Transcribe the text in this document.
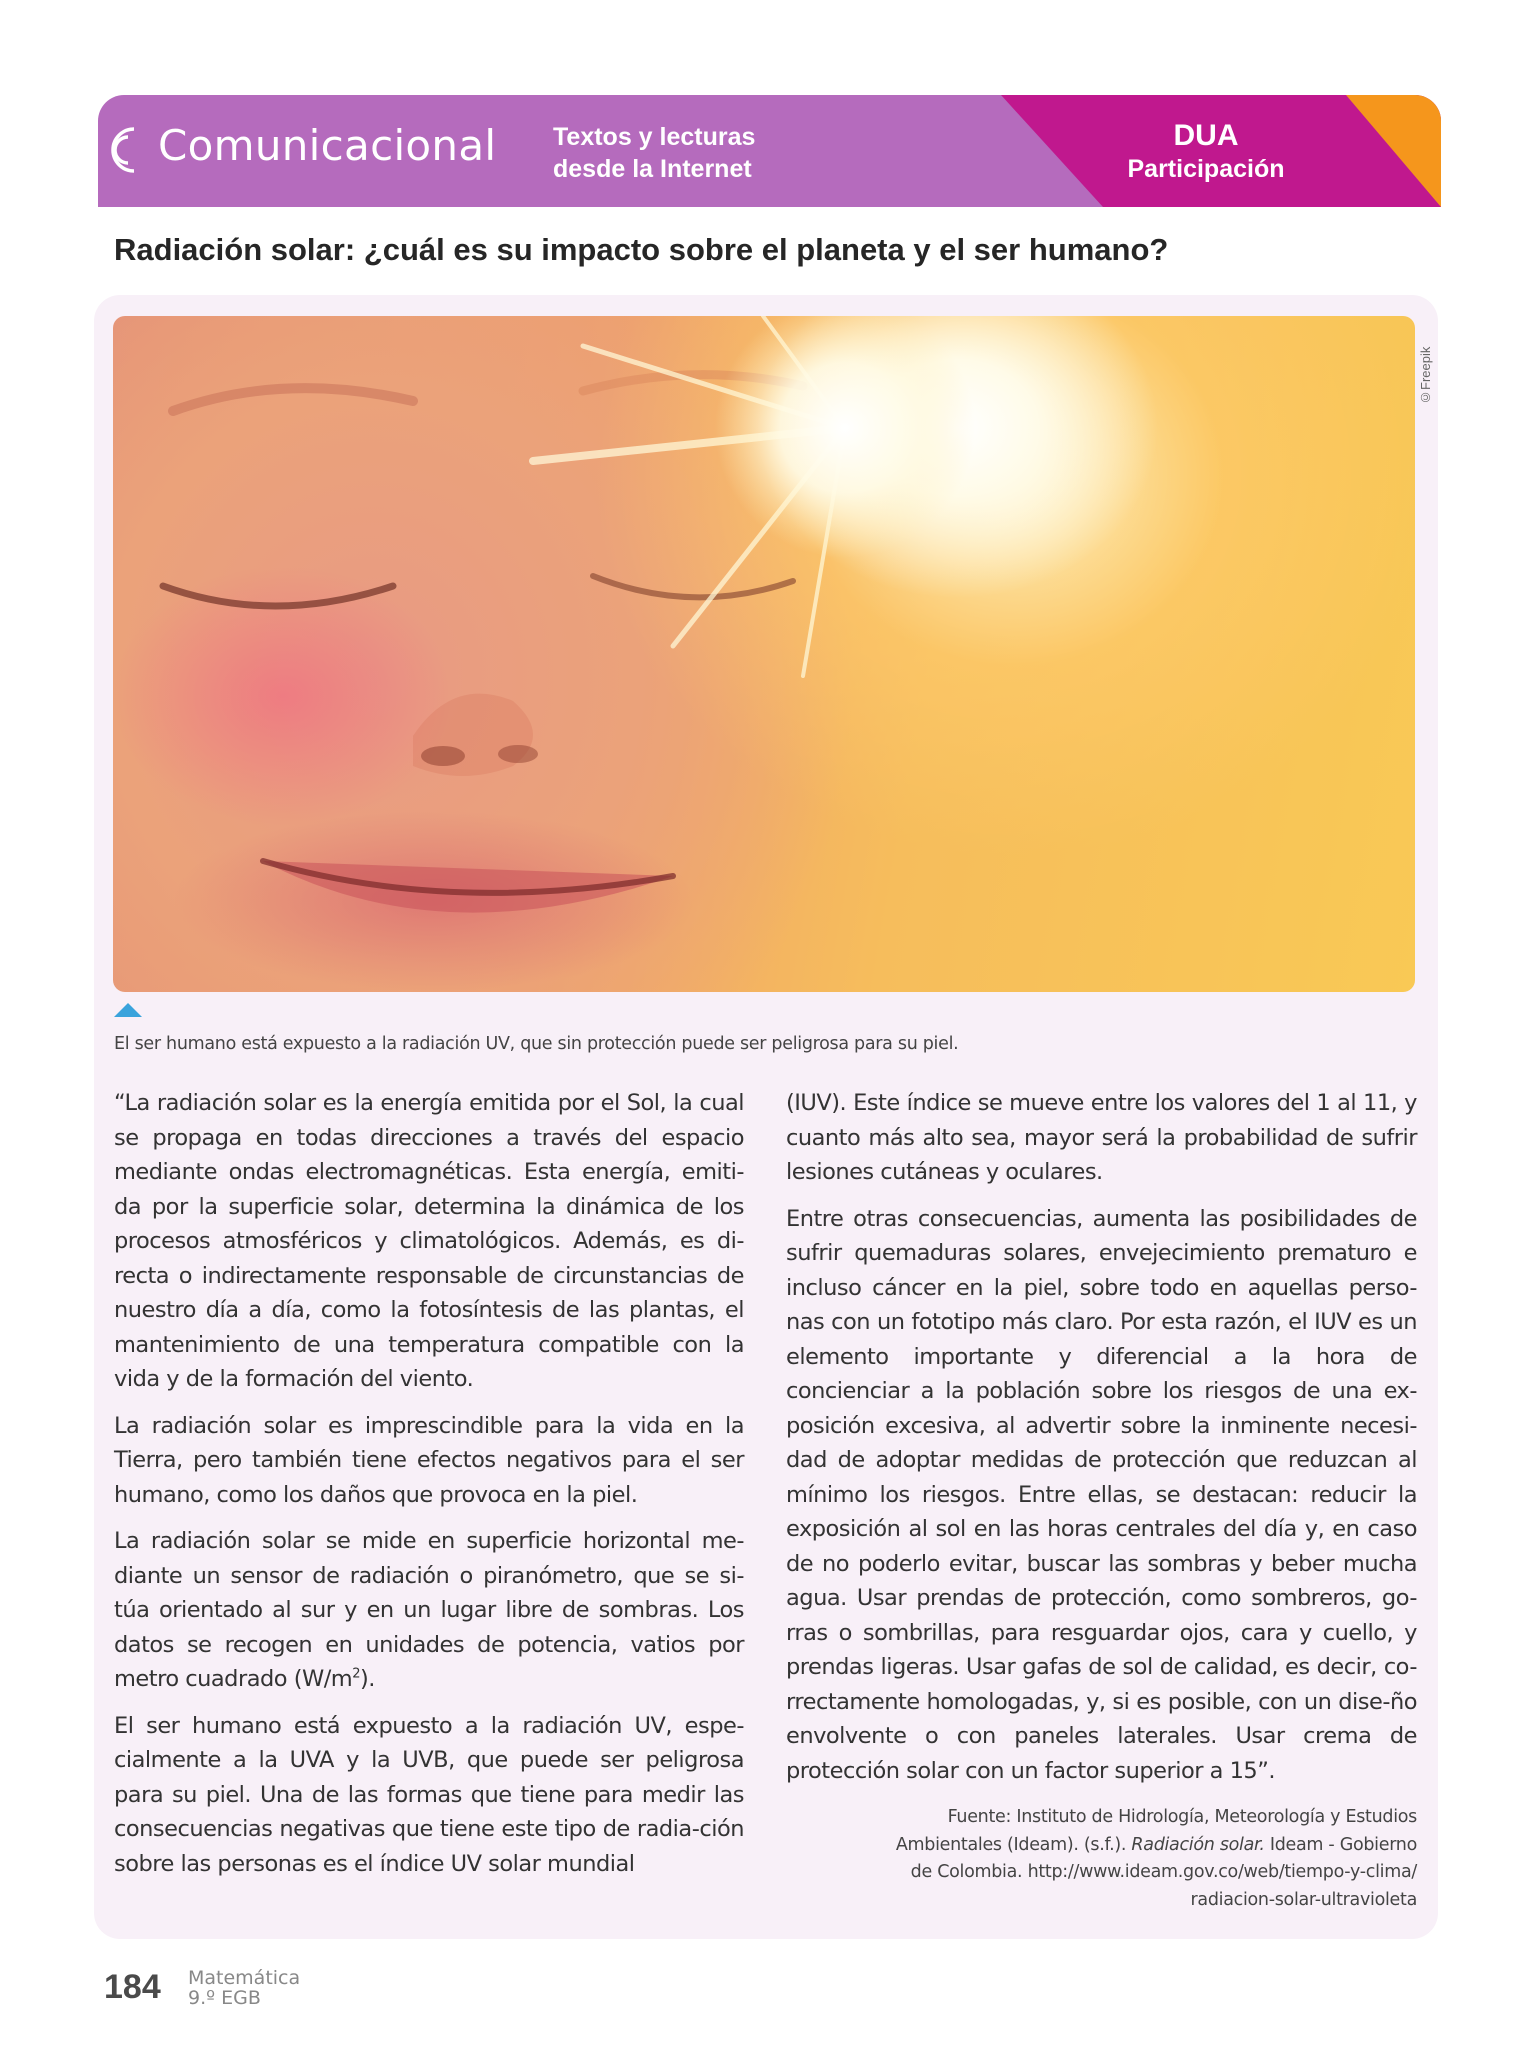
Comunicacional Textos y lecturas
desde la Internet
DUA
Participación
Radiación solar: ¿cuál es su impacto sobre el planeta y el ser humano?
©Freepik
El ser humano está expuesto a la radiación UV, que sin protección puede ser peligrosa para su piel.

“La radiación solar es la energía emitida por el Sol, la cual se propaga en todas direcciones a través del espacio mediante ondas electromagnéticas. Esta energía, emiti-da por la superficie solar, determina la dinámica de los procesos atmosféricos y climatológicos. Además, es di-recta o indirectamente responsable de circunstancias de nuestro día a día, como la fotosíntesis de las plantas, el mantenimiento de una temperatura compatible con la vida y de la formación del viento.

La radiación solar es imprescindible para la vida en la Tierra, pero también tiene efectos negativos para el ser humano, como los daños que provoca en la piel.

La radiación solar se mide en superficie horizontal me-diante un sensor de radiación o piranómetro, que se si-túa orientado al sur y en un lugar libre de sombras. Los datos se recogen en unidades de potencia, vatios por metro cuadrado $(W/m^2)$.

El ser humano está expuesto a la radiación UV, espe-cialmente a la UVA y la UVB, que puede ser peligrosa para su piel. Una de las formas que tiene para medir las consecuencias negativas que tiene este tipo de radia-ción sobre las personas es el índice UV solar mundial

(IUV). Este índice se mueve entre los valores del 1 al 11, y cuanto más alto sea, mayor será la probabilidad de sufrir lesiones cutáneas y oculares.

Entre otras consecuencias, aumenta las posibilidades de sufrir quemaduras solares, envejecimiento prematuro e incluso cáncer en la piel, sobre todo en aquellas perso-nas con un fototipo más claro. Por esta razón, el IUV es un elemento importante y diferencial a la hora de concienciar a la población sobre los riesgos de una ex-posición excesiva, al advertir sobre la inminente necesi-dad de adoptar medidas de protección que reduzcan al mínimo los riesgos. Entre ellas, se destacan: reducir la exposición al sol en las horas centrales del día y, en caso de no poderlo evitar, buscar las sombras y beber mucha agua. Usar prendas de protección, como sombreros, go-rras o sombrillas, para resguardar ojos, cara y cuello, y prendas ligeras. Usar gafas de sol de calidad, es decir, co-rrectamente homologadas, y, si es posible, con un dise-ño envolvente o con paneles laterales. Usar crema de protección solar con un factor superior a 15”.

Fuente: Instituto de Hidrología, Meteorología y Estudios
Ambientales (Ideam). (s.f.). Radiación solar. Ideam - Gobierno
de Colombia. http://www.ideam.gov.co/web/tiempo-y-clima/
radiacion-solar-ultravioleta
184 Matemática
9.º EGB
